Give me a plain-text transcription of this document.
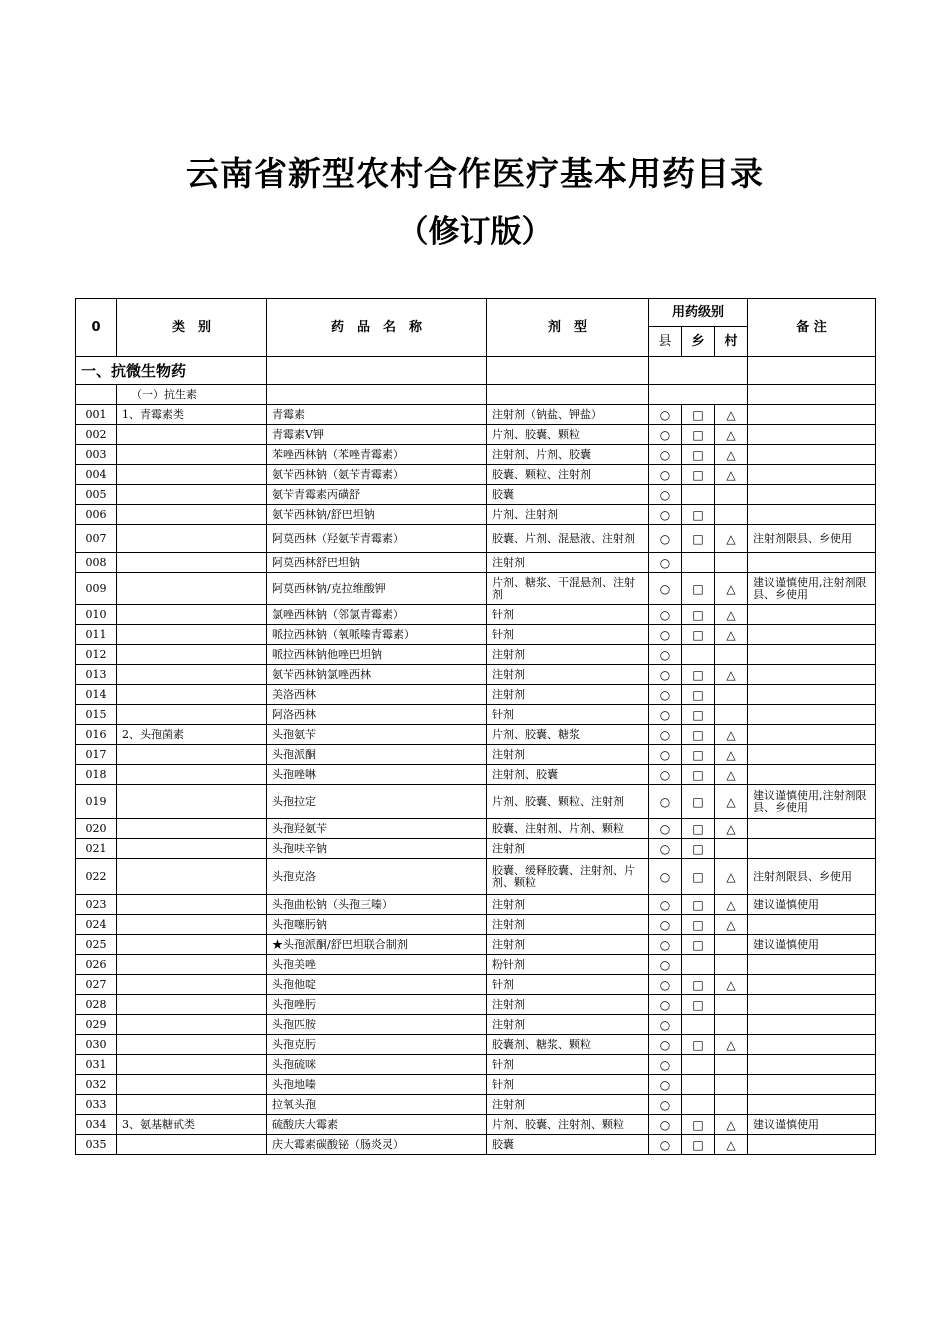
云南省新型农村合作医疗基本用药目录
（修订版）
0	类　别	药　品　名　称	剂　型	用药级别			备 注
				县	乡	村	
一、抗微生物药							
	（一）抗生素						
001	1、青霉素类	青霉素	注射剂（钠盐、钾盐）	○	□	△	
002		青霉素Ⅴ钾	片剂、胶囊、颗粒	○	□	△	
003		苯唑西林钠（苯唑青霉素）	注射剂、片剂、胶囊	○	□	△	
004		氨苄西林钠（氨苄青霉素）	胶囊、颗粒、注射剂	○	□	△	
005		氨苄青霉素丙磺舒	胶囊	○			
006		氨苄西林钠/舒巴坦钠	片剂、注射剂	○	□		
007		阿莫西林（羟氨苄青霉素）	胶囊、片剂、混悬液、注射剂	○	□	△	注射剂限县、乡使用
008		阿莫西林舒巴坦钠	注射剂	○			
009		阿莫西林钠/克拉维酸钾	片剂、糖浆、干混悬剂、注射剂	○	□	△	建议谨慎使用,注射剂限县、乡使用
010		氯唑西林钠（邻氯青霉素）	针剂	○	□	△	
011		哌拉西林钠（氧哌嗪青霉素）	针剂	○	□	△	
012		哌拉西林钠他唑巴坦钠	注射剂	○			
013		氨苄西林钠氯唑西林	注射剂	○	□	△	
014		美洛西林	注射剂	○	□		
015		阿洛西林	针剂	○	□		
016	2、头孢菌素	头孢氨苄	片剂、胶囊、糖浆	○	□	△	
017		头孢派酮	注射剂	○	□	△	
018		头孢唑啉	注射剂、胶囊	○	□	△	
019		头孢拉定	片剂、胶囊、颗粒、注射剂	○	□	△	建议谨慎使用,注射剂限县、乡使用
020		头孢羟氨苄	胶囊、注射剂、片剂、颗粒	○	□	△	
021		头孢呋辛钠	注射剂	○	□		
022		头孢克洛	胶囊、缓释胶囊、注射剂、片剂、颗粒	○	□	△	注射剂限县、乡使用
023		头孢曲松钠（头孢三嗪）	注射剂	○	□	△	建议谨慎使用
024		头孢噻肟钠	注射剂	○	□	△	
025		★头孢派酮/舒巴坦联合制剂	注射剂	○	□		建议谨慎使用
026		头孢美唑	粉针剂	○			
027		头孢他啶	针剂	○	□	△	
028		头孢唑肟	注射剂	○	□		
029		头孢匹胺	注射剂	○			
030		头孢克肟	胶囊剂、糖浆、颗粒	○	□	△	
031		头孢硫咪	针剂	○			
032		头孢地嗪	针剂	○			
033		拉氧头孢	注射剂	○			
034	3、氨基糖甙类	硫酸庆大霉素	片剂、胶囊、注射剂、颗粒	○	□	△	建议谨慎使用
035		庆大霉素碳酸铋（肠炎灵）	胶囊	○	□	△	
